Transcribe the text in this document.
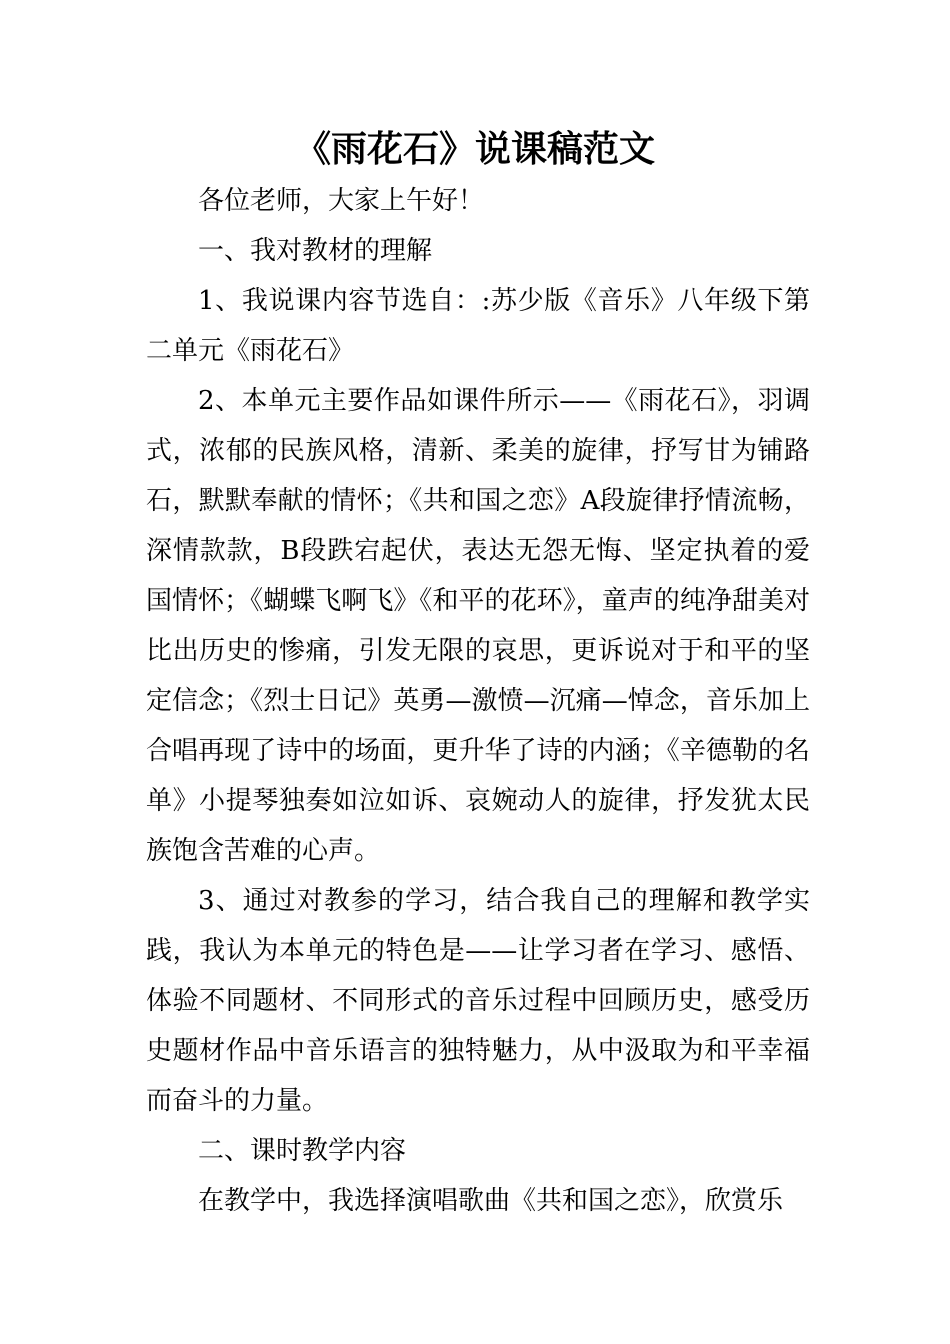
《雨花石》说课稿范文

各位老师，大家上午好！

一、我对教材的理解

1、我说课内容节选自：:苏少版《音乐》八年级下第二单元《雨花石》

2、本单元主要作品如课件所示——《雨花石》，羽调式，浓郁的民族风格，清新、柔美的旋律，抒写甘为铺路石，默默奉献的情怀；《共和国之恋》A段旋律抒情流畅，深情款款，B段跌宕起伏，表达无怨无悔、坚定执着的爱国情怀；《蝴蝶飞啊飞》《和平的花环》，童声的纯净甜美对比出历史的惨痛，引发无限的哀思，更诉说对于和平的坚定信念；《烈士日记》英勇—激愤—沉痛—悼念，音乐加上合唱再现了诗中的场面，更升华了诗的内涵；《辛德勒的名单》小提琴独奏如泣如诉、哀婉动人的旋律，抒发犹太民族饱含苦难的心声。

3、通过对教参的学习，结合我自己的理解和教学实践，我认为本单元的特色是——让学习者在学习、感悟、体验不同题材、不同形式的音乐过程中回顾历史，感受历史题材作品中音乐语言的独特魅力，从中汲取为和平幸福而奋斗的力量。

二、课时教学内容

在教学中，我选择演唱歌曲《共和国之恋》，欣赏乐
